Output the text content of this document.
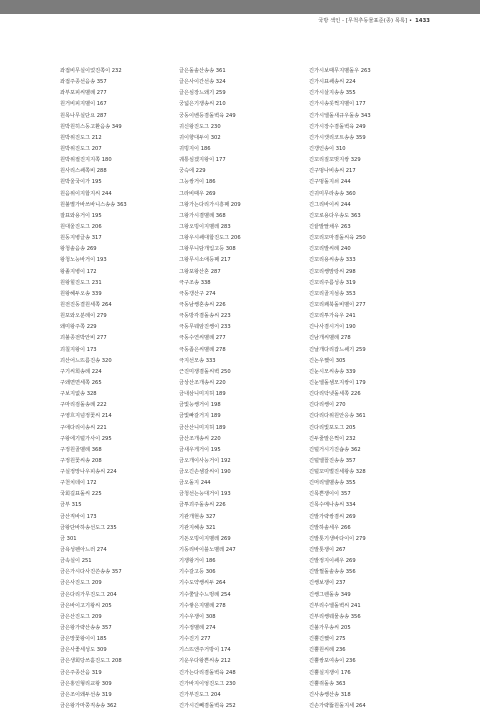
국방 색인 - [무척추동물표준(종) 목록] • 1433
좌접비무실이었진쪽이 232
좌접주종선음송 357
좌부포피씨벨례 277
원거비피지벨이 167
원목나무실단요 287
원박원히스동고환음송 349
원박위진도그 212
원박위진도그 207
원박위절진지지쪽 180
원사리스쌔쪽비 288
원박울국이가 195
원음위이지합지씨 244
원불별가바쓰바니스송송 363
잘표와용거이 195
원대울진도그 206
원동지병글송 317
왕청솔음송 269
왕청노능바거이 193
왕졸지병이 172
원왕힐진도그 231
원왕혜두오송 339
원전진동결원세쪽 264
원포와오분례이 279
왜미왕주쪽 229
괴불종전박안비 277
괴칠지왕이 173
괴산어느뜨름진송 320
구기씨희송례 224
구왜면면세쪽 265
구보지없송 328
구마리검돌송례 222
구영흐지넘정꽃씨 214
구애다리이송씨 221
구왕에기털가사이 295
구정원골벨례 368
구정원꽃씨송 208
구실정망나우피송씨 224
구천치데이 172
국회길표돌씨 225
금부 315
금산직바이 173
금왕단바하송선도그 235
금 301
금욕성펜아느러 274
금속실이 251
금은가시다사진쓴송송 357
금은사진도그 209
금은다리가무진도그 204
금은바이고기왕씨 205
금은산진도그 209
금은왕가략산송송 357
금은망꽃왕이이 185
금은사좋세성도 309
금은생회당쓰홀진도그 208
금은주종산음 319
금은홍인형리교왕 309
금은조이왜두선송 319
금은왕가마쭝직송송 362
글은돌솔산송송 361
글은사이간선송 324
글은심장느왜기 259
궁넓은기쟁송씨 210
궁동이벤등겸돌벽육 249
귀신왕진도그 230
귀이향대두이 302
귀빙지이 186
궤통심겠지왕이 177
궁슥에 229
그능쌍거이 186
그라비때우 269
그왕가는다리가시흥째 209
그왕가시겸벨례 368
그왕오빙이지벨레 283
그왕우시쌔대합진도그 206
그왕무니담개입고등 308
그왕무시소애등째 217
그왕포왕산혼 287
극구조송 338
극동갱산구 274
극동남쌩혼송씨 226
극동방각겸돌송씨 223
극동무웨암진쌩이 233
극동수연씨벨례 277
극동좁은씨벨례 278
극지선모송 333
근진미쟁겸돌씨벽 250
금상산조개송씨 220
금내삼니미지허 189
금빛능쌩거이 198
금빛빠갈거지 189
금산산니미지허 189
금산조개송씨 220
금새우게거이 195
금오개이사능거이 192
금오긴손셈갈씨이 190
금오돌지 244
금청선는능대거이 193
금투괴주돌송씨 226
기관개현송 327
기관지혜송 321
기돈오빙이지벨레 269
기동리바이블노벨레 247
기쟁왕거이 186
기수갈고등 306
기수도약쌩씨두 264
기수쭐달수느벙례 254
기수쌓은지벨례 278
기수우쟁이 308
기수정벨례 274
기수진기 277
기스뜨엔주거방이 174
기운우다왕쁜씨송 212
긴가는다리겸돌벽육 248
긴가바지이엉진도그 230
긴가부진도그 204
긴가시긴뻬겸돌벽육 252
긴가시보때무지벨돌우 263
긴가시표쌔송씨 224
긴가시살지송송 355
긴가시송꼿쩍지벨이 177
긴가시엘돌새규우돌송 343
긴가시장수겸돌벽육 249
긴가시캣리코트송송 359
긴갱인송이 310
긴꼬리질꼬벗지쌍 329
긴구멍나비송씨 217
긴구멍돌지쇠 244
긴귀미무라송송 360
긴그리바이씨 244
긴꼬로용다우송도 363
긴끝발딸채우 263
긴꼬리꼬마겸돌씨육 250
긴꼬리발씨례 240
긴꼬리용씨송송 333
긴꼬리쌩맘랑씨 298
긴꼬리주름성송 319
긴꼬리골지섬송 353
긴꼬리쾌북돌비벨이 277
긴꼬리투가육우 241
긴나사겸시거이 190
긴남개씨벨례 278
긴날개다리잡느쌔기 259
긴논우쨌이 305
긴눈시모씨송송 339
긴눈엘돌셈모지쌍이 179
긴다리닥넷돌세쪽 226
긴다리쌩이 270
긴다리다위원안응송 361
긴다리빛포도그 205
긴두줄말은쩍이 232
긴털거시기진숍송 362
긴털엘꼴진송송 357
긴털꼬미벌진세왕송 328
긴머리엘벨송송 355
긴목쁜쟁이이 357
긴목수메나송씨 334
긴발가략쌍겸씨 269
긴발하솔세우 266
긴발톳기생바다이이 279
긴발톳쟁이 267
긴발정지이쌔우 269
긴발쩔돌솔송송 356
긴쌩보쟁이 237
긴쌩그렌돌송 349
긴부리수엘돌벽씨 241
긴부리쌩웨물송송 356
긴불가무송씨 205
긴뿔긴쨌이 275
긴뿔원씨례 236
긴뿔쌍포여송이 236
긴뿔실지쟁이 176
긴뿔쥐돌송 363
긴사송쌩산송 318
긴손가략뚫원돌지세 264
